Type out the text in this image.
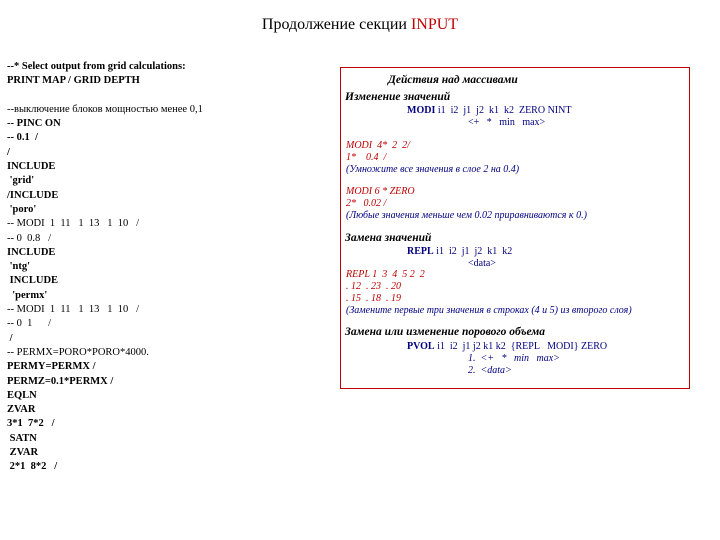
Продолжение секции INPUT
--* Select output from grid calculations:
PRINT MAP / GRID DEPTH
--выключение блоков мощностью менее 0,1
-- PINC ON
-- 0.1  /
/
INCLUDE
'grid'
/INCLUDE
'poro'
-- MODI  1  11   1  13   1  10   /
-- 0  0.8   /
INCLUDE
'ntg'
INCLUDE
'permx'
-- MODI  1  11   1  13   1  10   /
-- 0  1      /
/
-- PERMX=PORO*PORO*4000.
PERMY=PERMX /
PERMZ=0.1*PERMX /
EQLN
ZVAR
3*1  7*2   /
SATN
ZVAR
2*1  8*2   /
Действия над массивами
Изменение значений
MODI i1  i2  j1  j2  k1  k2  ZERO NINT
<+   *   min   max>
MODI  4*  2  2/
1*    0.4  /
(Умножите все значения в слое 2 на 0.4)
MODI 6 * ZERO
2*   0.02 /
(Любые значения меньше чем 0.02 приравниваются к 0.)
Замена значений
REPL i1  i2  j1  j2  k1  k2
<data>
REPL 1  3  4  5 2  2
. 12  . 23  . 20
. 15  . 18  . 19
(Замените первые три значения в строках (4 и 5) из второго слоя)
Замена или изменение порового объема
PVOL i1  i2  j1 j2 k1 k2  {REPL   MODI} ZERO
1.  <+   *   min   max>
2.  <data>
